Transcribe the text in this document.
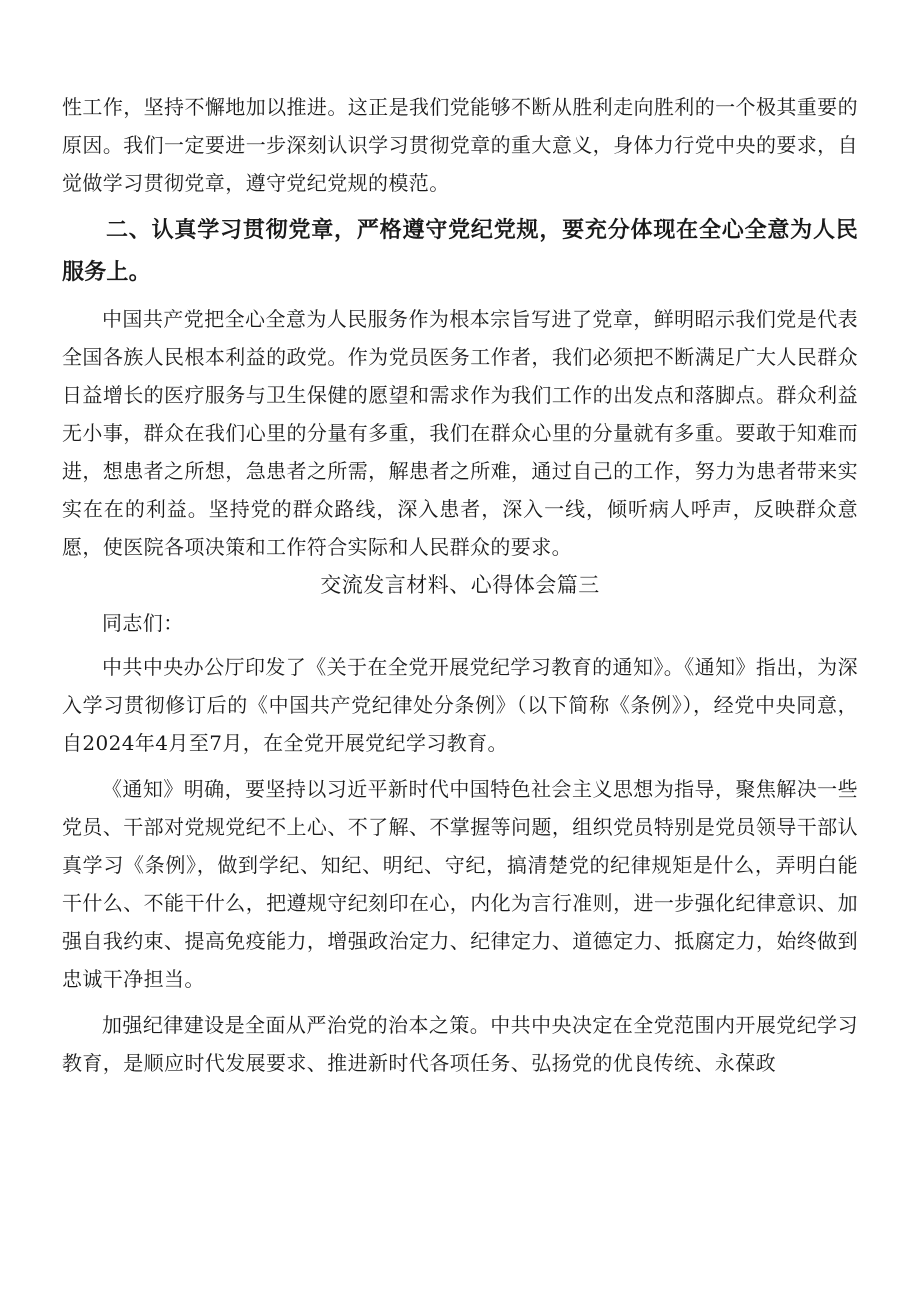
性工作，坚持不懈地加以推进。这正是我们党能够不断从胜利走向胜利的一个极其重要的原因。我们一定要进一步深刻认识学习贯彻党章的重大意义，身体力行党中央的要求，自觉做学习贯彻党章，遵守党纪党规的模范。

二、认真学习贯彻党章，严格遵守党纪党规，要充分体现在全心全意为人民服务上。

中国共产党把全心全意为人民服务作为根本宗旨写进了党章，鲜明昭示我们党是代表全国各族人民根本利益的政党。作为党员医务工作者，我们必须把不断满足广大人民群众日益增长的医疗服务与卫生保健的愿望和需求作为我们工作的出发点和落脚点。群众利益无小事，群众在我们心里的分量有多重，我们在群众心里的分量就有多重。要敢于知难而进，想患者之所想，急患者之所需，解患者之所难，通过自己的工作，努力为患者带来实实在在的利益。坚持党的群众路线，深入患者，深入一线，倾听病人呼声，反映群众意愿，使医院各项决策和工作符合实际和人民群众的要求。

交流发言材料、心得体会篇三

同志们：

中共中央办公厅印发了《关于在全党开展党纪学习教育的通知》。《通知》指出，为深入学习贯彻修订后的《中国共产党纪律处分条例》（以下简称《条例》），经党中央同意，自2024年4月至7月，在全党开展党纪学习教育。

《通知》明确，要坚持以习近平新时代中国特色社会主义思想为指导，聚焦解决一些党员、干部对党规党纪不上心、不了解、不掌握等问题，组织党员特别是党员领导干部认真学习《条例》，做到学纪、知纪、明纪、守纪，搞清楚党的纪律规矩是什么，弄明白能干什么、不能干什么，把遵规守纪刻印在心，内化为言行准则，进一步强化纪律意识、加强自我约束、提高免疫能力，增强政治定力、纪律定力、道德定力、抵腐定力，始终做到忠诚干净担当。

加强纪律建设是全面从严治党的治本之策。中共中央决定在全党范围内开展党纪学习教育，是顺应时代发展要求、推进新时代各项任务、弘扬党的优良传统、永葆政
